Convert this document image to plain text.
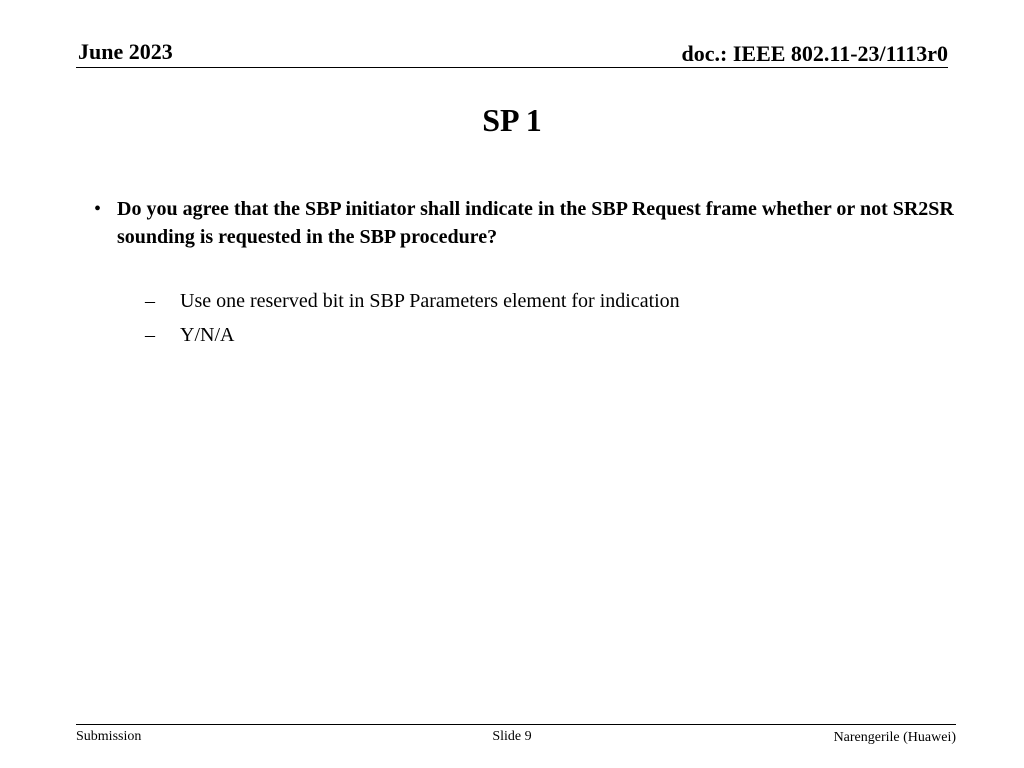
June 2023	doc.: IEEE 802.11-23/1113r0
SP 1
• Do you agree that the SBP initiator shall indicate in the SBP Request frame whether or not SR2SR sounding is requested in the SBP procedure?
– Use one reserved bit in SBP Parameters element for indication
– Y/N/A
Submission	Slide 9	Narengerile (Huawei)
